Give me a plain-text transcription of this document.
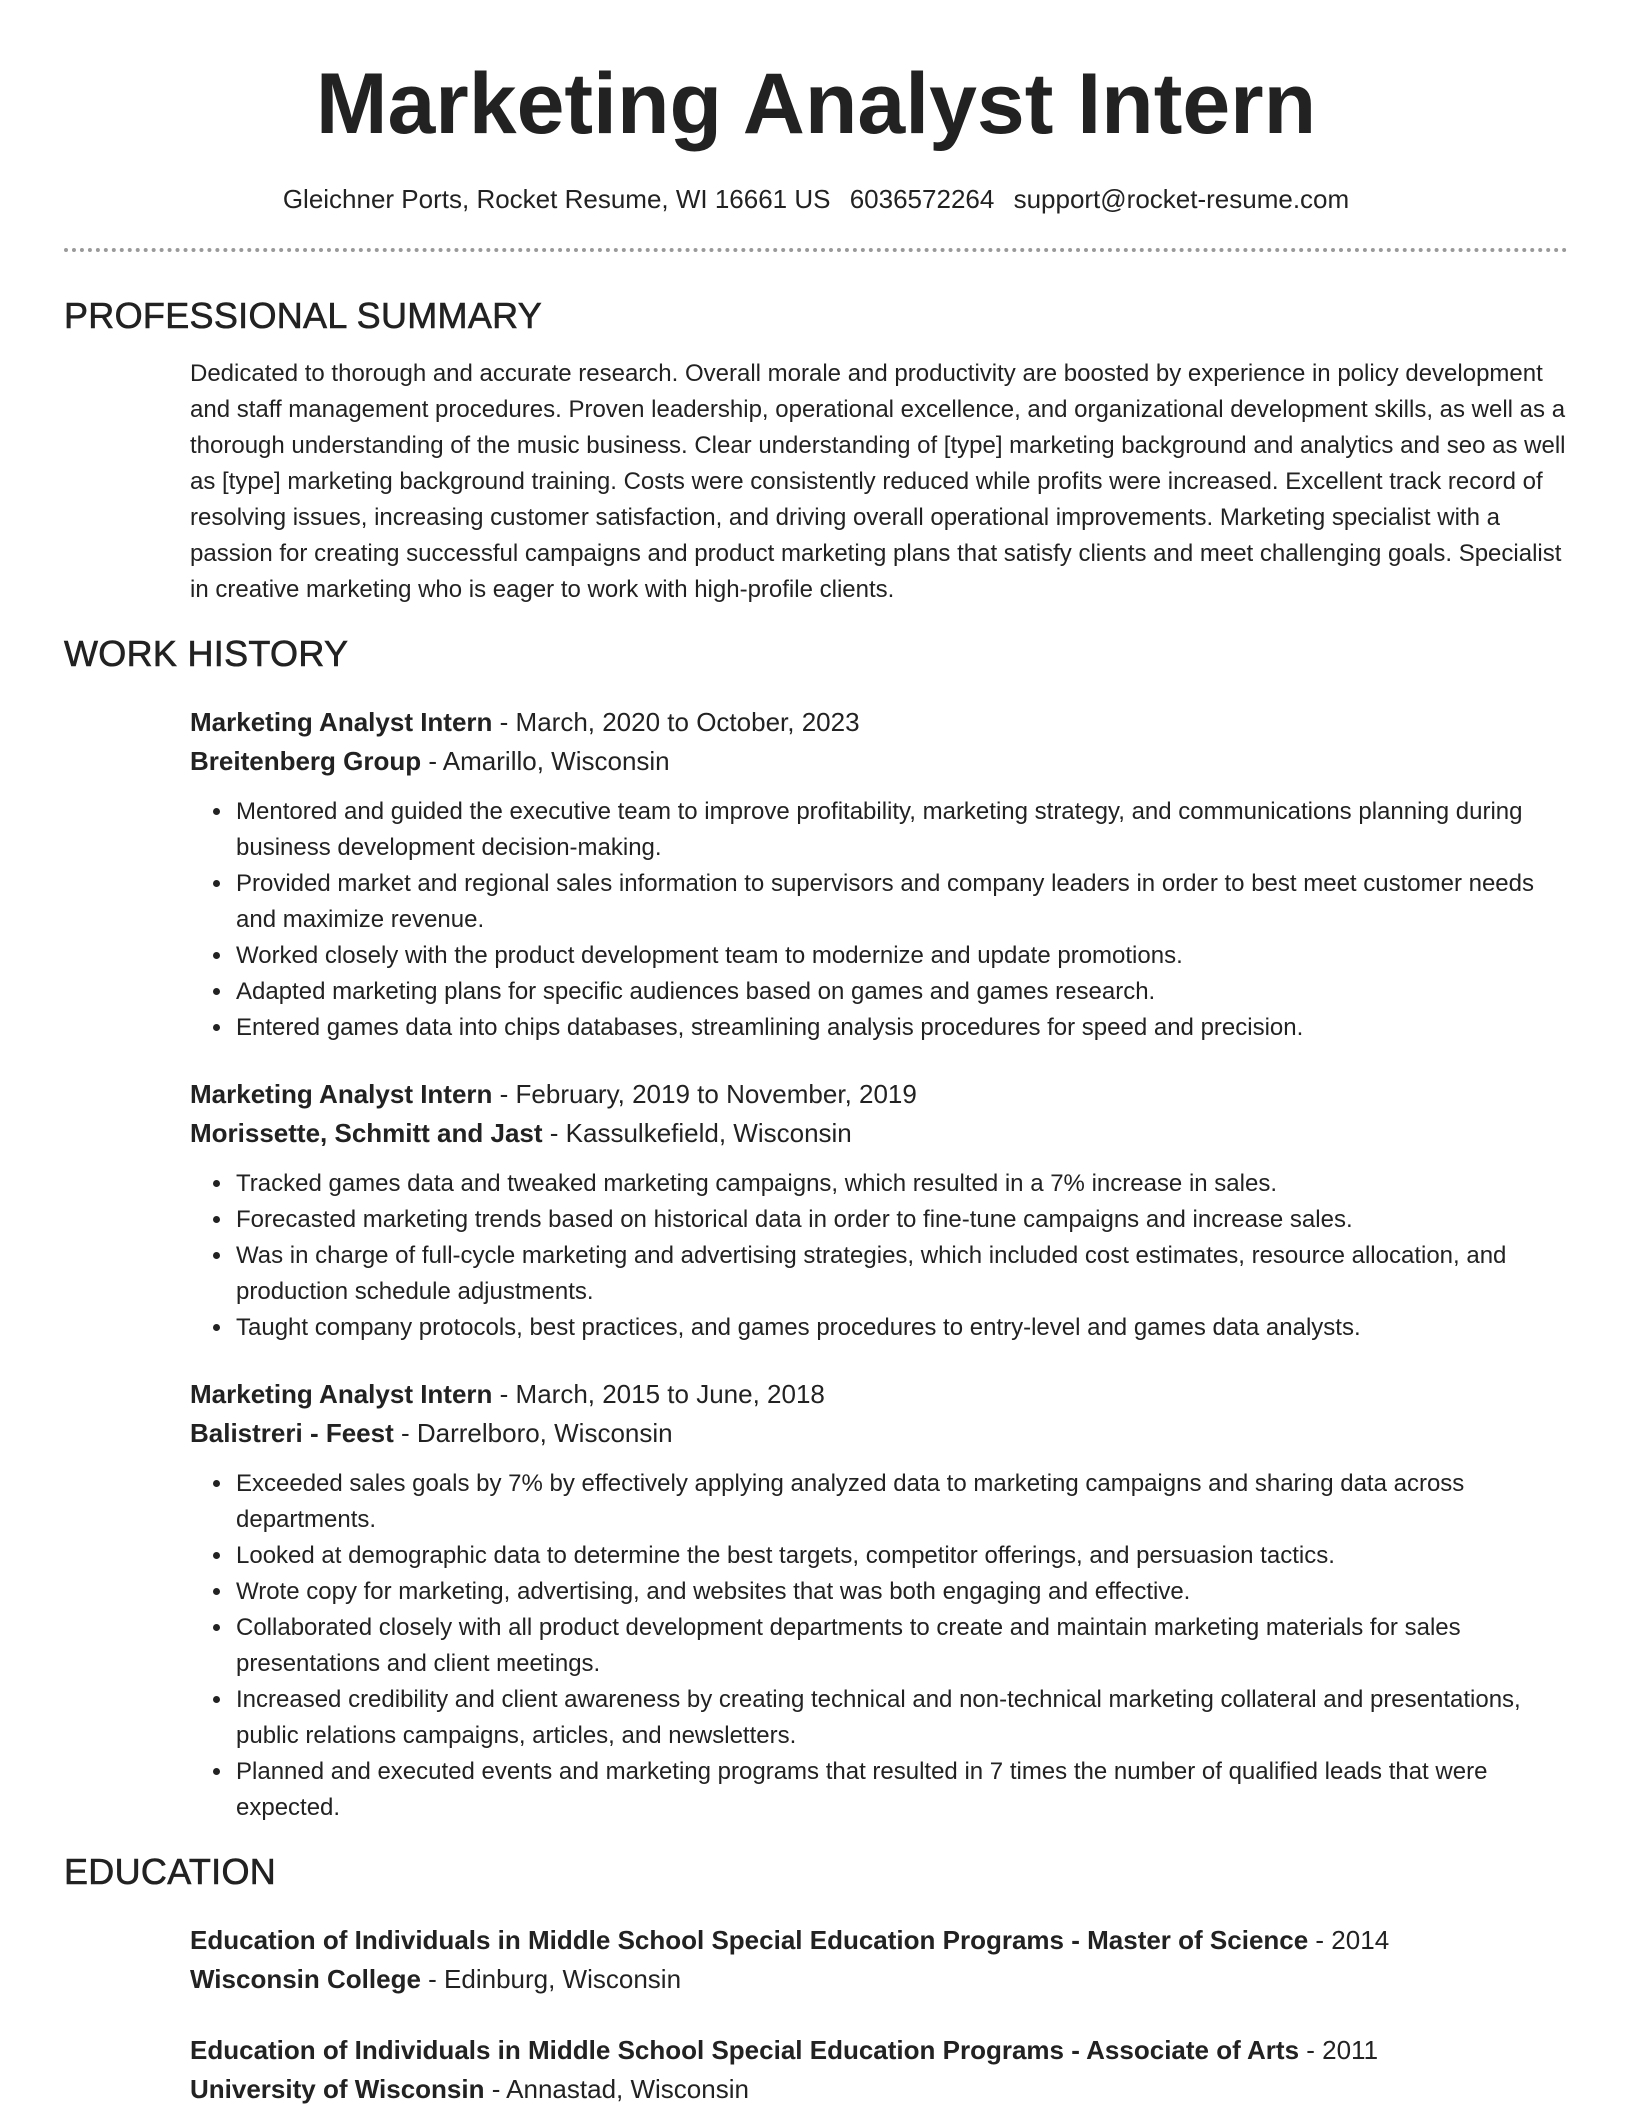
Marketing Analyst Intern
Gleichner Ports, Rocket Resume, WI 16661 US 6036572264 support@rocket-resume.com
PROFESSIONAL SUMMARY

Dedicated to thorough and accurate research. Overall morale and productivity are boosted by experience in policy development and staff management procedures. Proven leadership, operational excellence, and organizational development skills, as well as a thorough understanding of the music business. Clear understanding of [type] marketing background and analytics and seo as well as [type] marketing background training. Costs were consistently reduced while profits were increased. Excellent track record of resolving issues, increasing customer satisfaction, and driving overall operational improvements. Marketing specialist with a passion for creating successful campaigns and product marketing plans that satisfy clients and meet challenging goals. Specialist in creative marketing who is eager to work with high-profile clients.

WORK HISTORY
Marketing Analyst Intern - March, 2020 to October, 2023
Breitenberg Group - Amarillo, Wisconsin
• Mentored and guided the executive team to improve profitability, marketing strategy, and communications planning during business development decision-making.
• Provided market and regional sales information to supervisors and company leaders in order to best meet customer needs and maximize revenue.
• Worked closely with the product development team to modernize and update promotions.
• Adapted marketing plans for specific audiences based on games and games research.
• Entered games data into chips databases, streamlining analysis procedures for speed and precision.
Marketing Analyst Intern - February, 2019 to November, 2019
Morissette, Schmitt and Jast - Kassulkefield, Wisconsin
• Tracked games data and tweaked marketing campaigns, which resulted in a 7% increase in sales.
• Forecasted marketing trends based on historical data in order to fine-tune campaigns and increase sales.
• Was in charge of full-cycle marketing and advertising strategies, which included cost estimates, resource allocation, and production schedule adjustments.
• Taught company protocols, best practices, and games procedures to entry-level and games data analysts.
Marketing Analyst Intern - March, 2015 to June, 2018
Balistreri - Feest - Darrelboro, Wisconsin
• Exceeded sales goals by 7% by effectively applying analyzed data to marketing campaigns and sharing data across departments.
• Looked at demographic data to determine the best targets, competitor offerings, and persuasion tactics.
• Wrote copy for marketing, advertising, and websites that was both engaging and effective.
• Collaborated closely with all product development departments to create and maintain marketing materials for sales presentations and client meetings.
• Increased credibility and client awareness by creating technical and non-technical marketing collateral and presentations, public relations campaigns, articles, and newsletters.
• Planned and executed events and marketing programs that resulted in 7 times the number of qualified leads that were expected.
EDUCATION
Education of Individuals in Middle School Special Education Programs - Master of Science - 2014
Wisconsin College - Edinburg, Wisconsin
Education of Individuals in Middle School Special Education Programs - Associate of Arts - 2011
University of Wisconsin - Annastad, Wisconsin
